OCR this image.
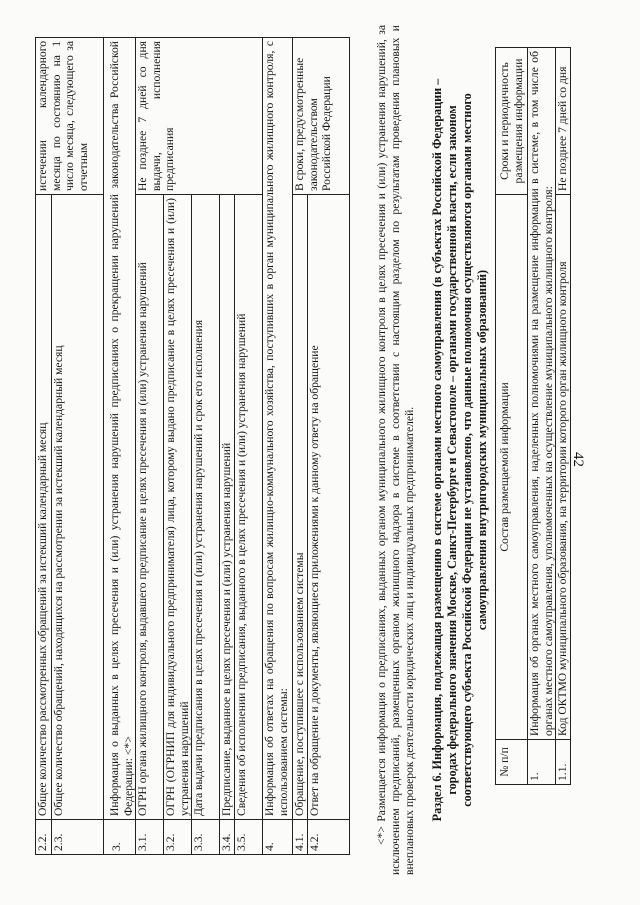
42
2.2.	Общее количество рассмотренных обращений за истекший календарный месяц	истечении календарного месяца по состоянию на 1 число месяца, следующего за отчетным
2.3.	Общее количество обращений, находящихся на рассмотрении за истекший календарный месяц	
3.	Информация о выданных в целях пресечения и (или) устранения нарушений предписаниях о прекращении нарушений законодательства Российской Федерации: <*>	
3.1.	ОГРН органа жилищного контроля, выдавшего предписание в целях пресечения и (или) устранения нарушений	Не позднее 7 дней со дня выдачи, исполнения предписания
3.2.	ОГРН (ОГРНИП для индивидуального предпринимателя) лица, которому выдано предписание в целях пресечения и (или) устранения нарушений	
3.3.	Дата выдачи предписания в целях пресечения и (или) устранения нарушений и срок его исполнения	
3.4.	Предписание, выданное в целях пресечения и (или) устранения нарушений	
3.5.	Сведения об исполнении предписания, выданного в целях пресечения и (или) устранения нарушений	
4.	Информация об ответах на обращения по вопросам жилищно-коммунального хозяйства, поступивших в орган муниципального жилищного контроля, с использованием системы:	
4.1.	Обращение, поступившее с использованием системы	В сроки, предусмотренные законодательством Российской Федерации
4.2.	Ответ на обращение и документы, являющиеся приложениями к данному ответу на обращение		<*> Размещается информация о предписаниях, выданных органом муниципального жилищного контроля в целях пресечения и (или) устранения нарушений, за исключением предписаний, размещенных органом жилищного надзора в системе в соответствии с настоящим разделом по результатам проведения плановых и внеплановых проверок деятельности юридических лиц и индивидуальных предпринимателей. Раздел 6. Информация, подлежащая размещению в системе органами местного самоуправления (в субъектах Российской Федерации – городах федерального значения Москве, Санкт-Петербурге и Севастополе – органами государственной власти, если законом соответствующего субъекта Российской Федерации не установлено, что данные полномочия осуществляются органами местного самоуправления внутригородских муниципальных образований)

№ п/п	Состав размещаемой информации	Сроки и периодичность размещения информации
1.	Информация об органах местного самоуправления, наделенных полномочиями на размещение информации в системе, в том числе об органах местного самоуправления, уполномоченных на осуществление муниципального жилищного контроля:	
1.1.	Код ОКТМО муниципального образования, на территории которого орган жилищного контроля	Не позднее 7 дней со дня
